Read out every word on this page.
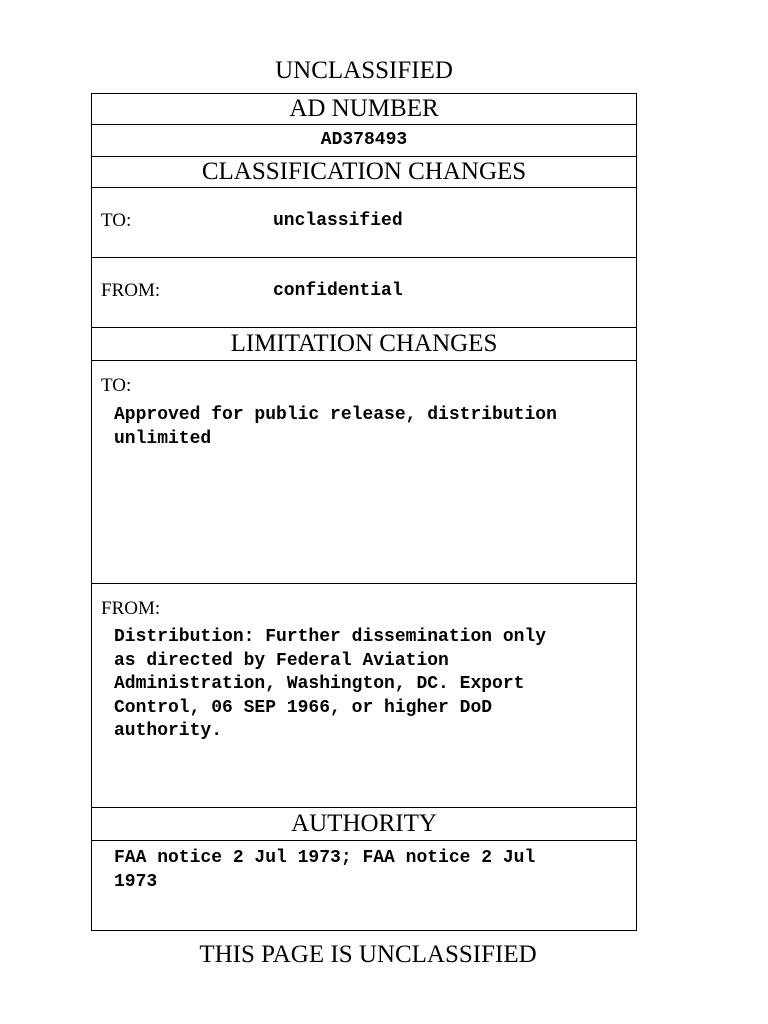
UNCLASSIFIED
AD NUMBER
AD378493
CLASSIFICATION CHANGES
TO:	unclassified
FROM:	confidential
LIMITATION CHANGES
TO:
Approved for public release, distribution
unlimited
FROM:
Distribution: Further dissemination only
as directed by Federal Aviation
Administration, Washington, DC. Export
Control, 06 SEP 1966, or higher DoD
authority.
AUTHORITY
FAA notice 2 Jul 1973; FAA notice 2 Jul
1973
THIS PAGE IS UNCLASSIFIED
